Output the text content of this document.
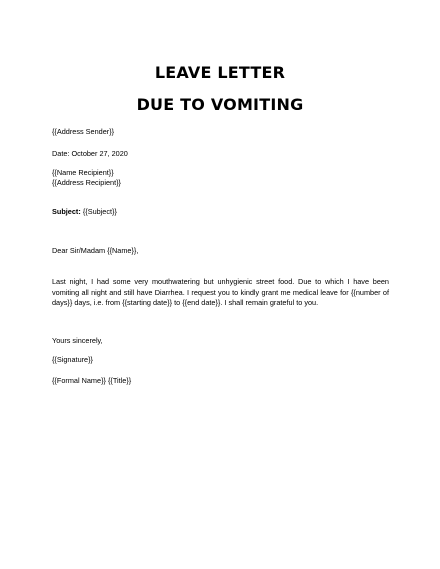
LEAVE LETTER
DUE TO VOMITING
{{Address Sender}}
Date: October 27, 2020
{{Name Recipient}}
{{Address Recipient}}
Subject: {{Subject}}
Dear Sir/Madam {{Name}},
Last night, I had some very mouthwatering but unhygienic street food. Due to which I have been vomiting all night and still have Diarrhea. I request you to kindly grant me medical leave for {{number of days}} days, i.e. from {{starting date}} to {{end date}}. I shall remain grateful to you.
Yours sincerely,
{{Signature}}
{{Formal Name}} {{Title}}
